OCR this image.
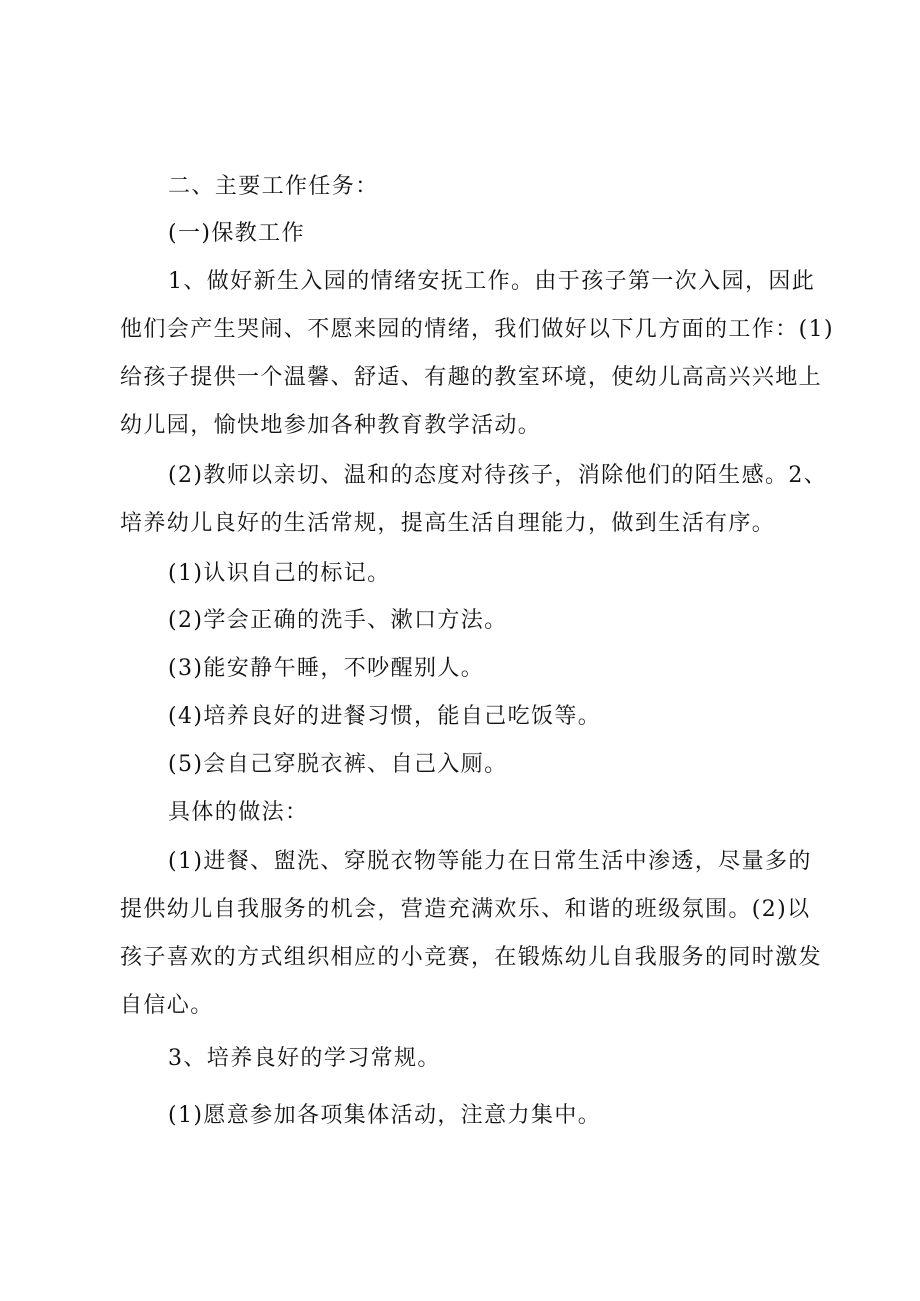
二、主要工作任务：
(一)保教工作
1、做好新生入园的情绪安抚工作。由于孩子第一次入园，因此
他们会产生哭闹、不愿来园的情绪，我们做好以下几方面的工作：(1)
给孩子提供一个温馨、舒适、有趣的教室环境，使幼儿高高兴兴地上
幼儿园，愉快地参加各种教育教学活动。
(2)教师以亲切、温和的态度对待孩子，消除他们的陌生感。2、
培养幼儿良好的生活常规，提高生活自理能力，做到生活有序。
(1)认识自己的标记。
(2)学会正确的洗手、漱口方法。
(3)能安静午睡，不吵醒别人。
(4)培养良好的进餐习惯，能自己吃饭等。
(5)会自己穿脱衣裤、自己入厕。
具体的做法：
(1)进餐、盥洗、穿脱衣物等能力在日常生活中渗透，尽量多的
提供幼儿自我服务的机会，营造充满欢乐、和谐的班级氛围。(2)以
孩子喜欢的方式组织相应的小竞赛，在锻炼幼儿自我服务的同时激发
自信心。
3、培养良好的学习常规。
(1)愿意参加各项集体活动，注意力集中。
